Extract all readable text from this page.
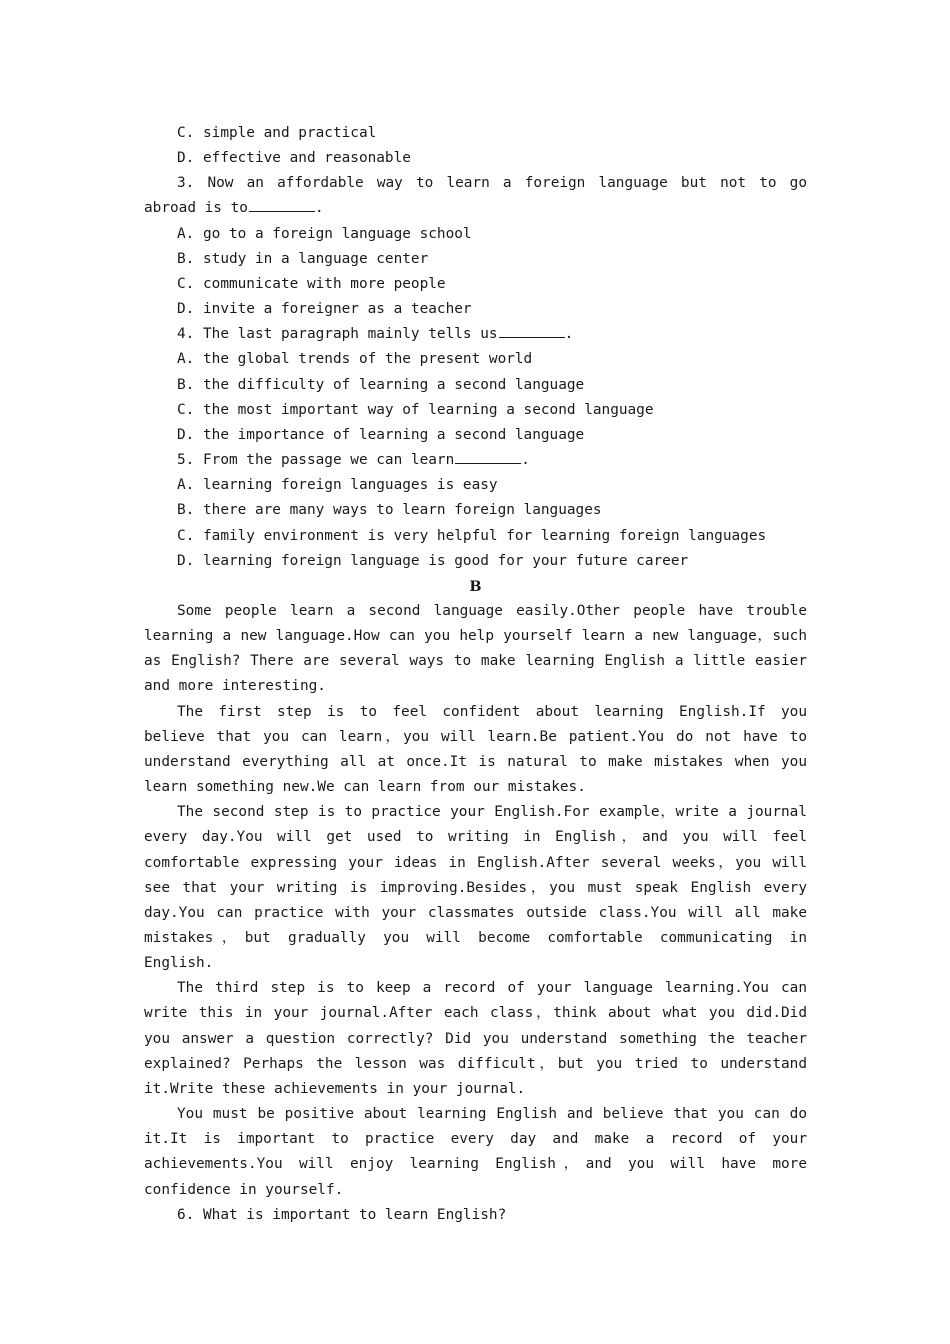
C. simple and practical
D. effective and reasonable

3. Now an affordable way to learn a foreign language but not to go abroad is to	.

A. go to a foreign language school
B. study in a language center
C. communicate with more people
D. invite a foreigner as a teacher
4. The last paragraph mainly tells us	.
A. the global trends of the present world
B. the difficulty of learning a second language
C. the most important way of learning a second language
D. the importance of learning a second language
5. From the passage we can learn	.
A. learning foreign languages is easy
B. there are many ways to learn foreign languages
C. family environment is very helpful for learning foreign languages
D. learning foreign language is good for your future career
B

Some people learn a second language easily.Other people have trouble learning a new language.How can you help yourself learn a new language，such as English? There are several ways to make learning English a little easier and more interesting.

The first step is to feel confident about learning English.If you believe that you can learn，you will learn.Be patient.You do not have to understand everything all at once.It is natural to make mistakes when you learn something new.We can learn from our mistakes.

The second step is to practice your English.For example，write a journal every day.You will get used to writing in English，and you will feel comfortable expressing your ideas in English.After several weeks，you will see that your writing is improving.Besides，you must speak English every day.You can practice with your classmates outside class.You will all make mistakes，but gradually you will become comfortable communicating in English.

The third step is to keep a record of your language learning.You can write this in your journal.After each class，think about what you did.Did you answer a question correctly? Did you understand something the teacher explained? Perhaps the lesson was difficult，but you tried to understand it.Write these achievements in your journal.

You must be positive about learning English and believe that you can do it.It is important to practice every day and make a record of your achievements.You will enjoy learning English，and you will have more confidence in yourself.

6. What is important to learn English?
